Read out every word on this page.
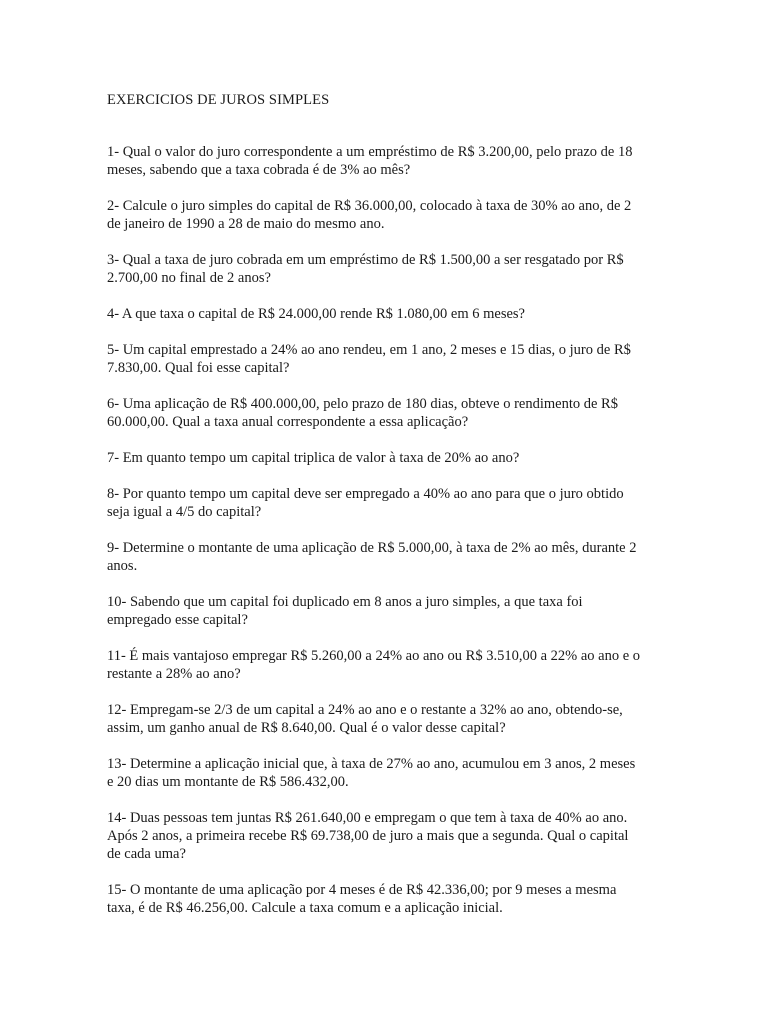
EXERCICIOS DE JUROS SIMPLES

1- Qual o valor do juro correspondente a um empréstimo de R$ 3.200,00, pelo prazo de 18
meses, sabendo que a taxa cobrada é de 3% ao mês?

2- Calcule o juro simples do capital de R$ 36.000,00, colocado à taxa de 30% ao ano, de 2
de janeiro de 1990 a 28 de maio do mesmo ano.

3- Qual a taxa de juro cobrada em um empréstimo de R$ 1.500,00 a ser resgatado por R$
2.700,00 no final de 2 anos?

4- A que taxa o capital de R$ 24.000,00 rende R$ 1.080,00 em 6 meses?

5- Um capital emprestado a 24% ao ano rendeu, em 1 ano, 2 meses e 15 dias, o juro de R$
7.830,00. Qual foi esse capital?

6- Uma aplicação de R$ 400.000,00, pelo prazo de 180 dias, obteve o rendimento de R$
60.000,00. Qual a taxa anual correspondente a essa aplicação?

7- Em quanto tempo um capital triplica de valor à taxa de 20% ao ano?

8- Por quanto tempo um capital deve ser empregado a 40% ao ano para que o juro obtido
seja igual a 4/5 do capital?

9- Determine o montante de uma aplicação de R$ 5.000,00, à taxa de 2% ao mês, durante 2
anos.

10- Sabendo que um capital foi duplicado em 8 anos a juro simples, a que taxa foi
empregado esse capital?

11- É mais vantajoso empregar R$ 5.260,00 a 24% ao ano ou R$ 3.510,00 a 22% ao ano e o
restante a 28% ao ano?

12- Empregam-se 2/3 de um capital a 24% ao ano e o restante a 32% ao ano, obtendo-se,
assim, um ganho anual de R$ 8.640,00. Qual é o valor desse capital?

13- Determine a aplicação inicial que, à taxa de 27% ao ano, acumulou em 3 anos, 2 meses
e 20 dias um montante de R$ 586.432,00.

14- Duas pessoas tem juntas R$ 261.640,00 e empregam o que tem à taxa de 40% ao ano.
Após 2 anos, a primeira recebe R$ 69.738,00 de juro a mais que a segunda. Qual o capital
de cada uma?

15- O montante de uma aplicação por 4 meses é de R$ 42.336,00; por 9 meses a mesma
taxa, é de R$ 46.256,00. Calcule a taxa comum e a aplicação inicial.
